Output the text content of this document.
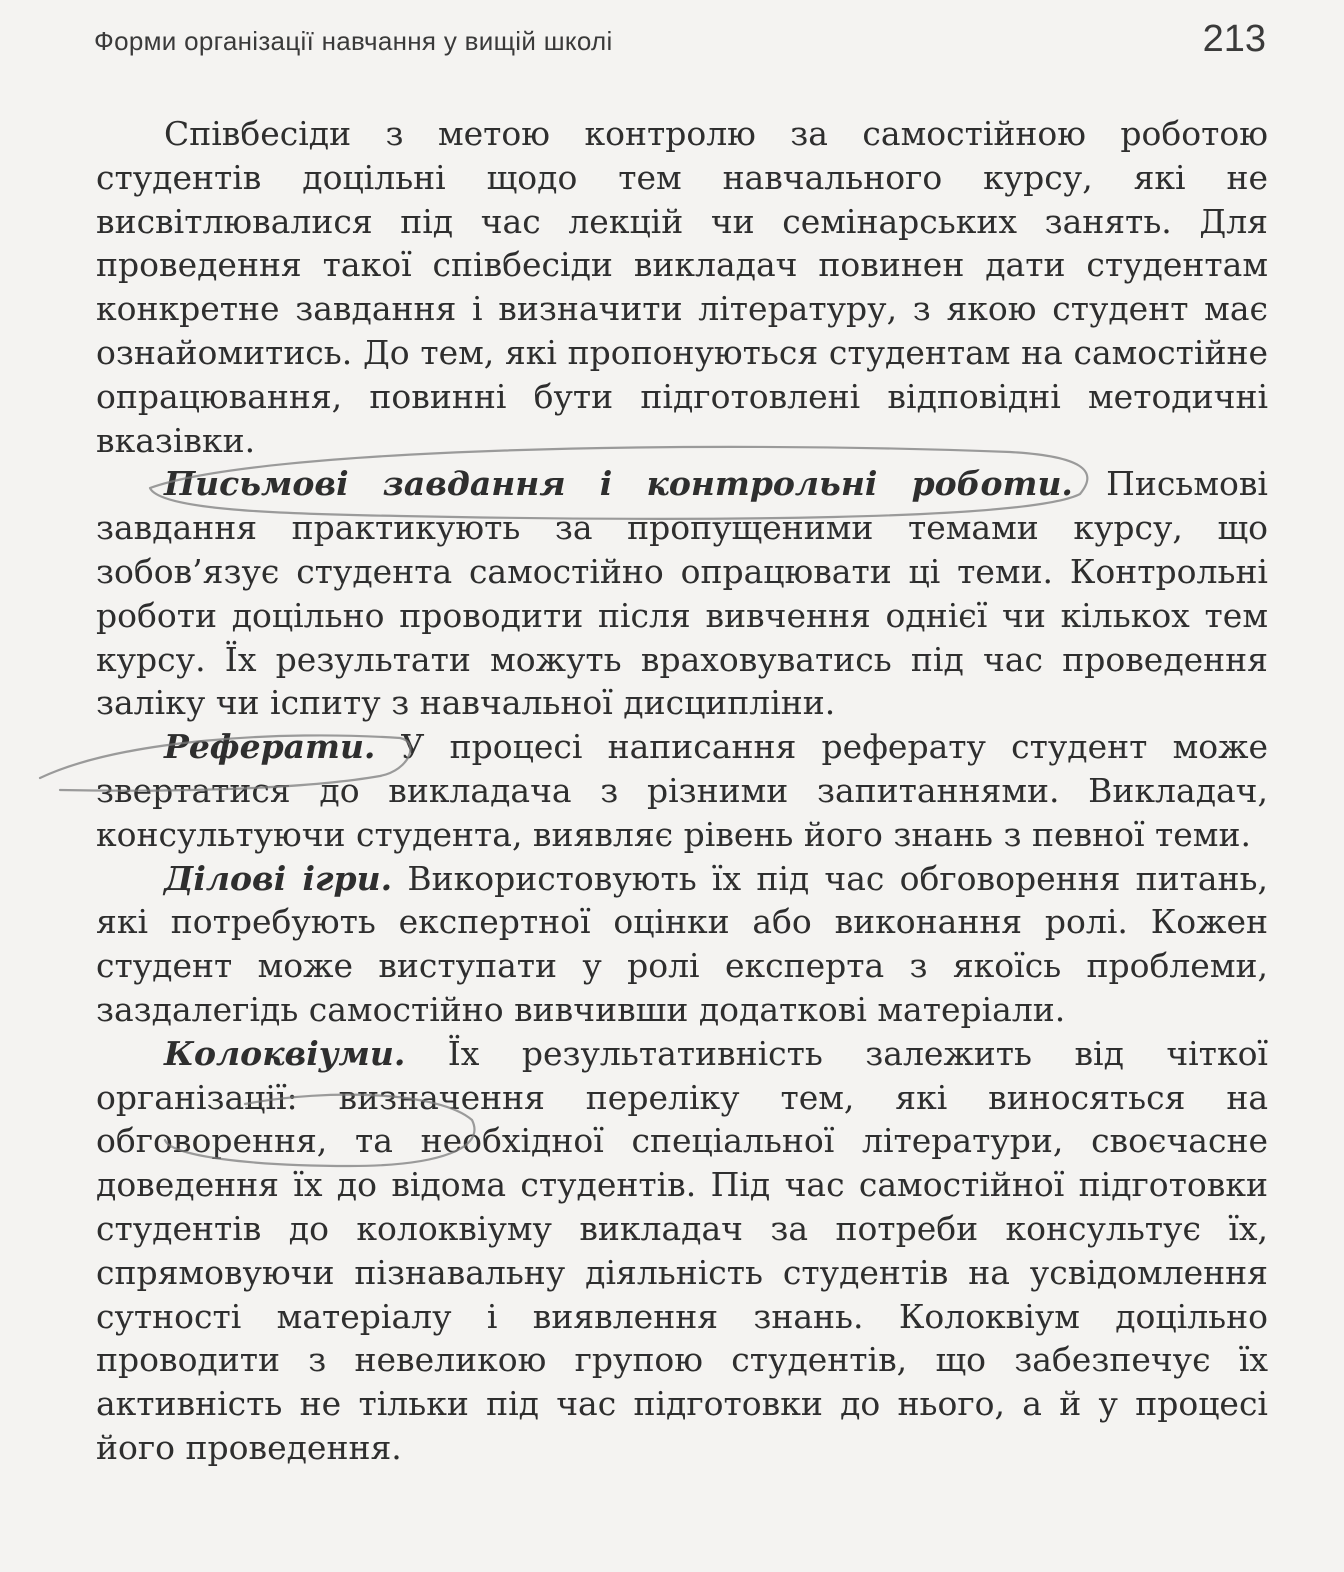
Форми організації навчання у вищій школі	213

Співбесіди з метою контролю за самостійною роботою студентів доцільні щодо тем навчального курсу, які не висвітлювалися під час лекцій чи семінарських занять. Для проведення такої співбесіди викладач повинен дати студентам конкретне завдання і визначити літературу, з якою студент має ознайомитись. До тем, які пропонуються студентам на самостійне опрацювання, повинні бути підготовлені відповідні методичні вказівки.

Письмові завдання і контрольні роботи. Письмові завдання практикують за пропущеними темами курсу, що зобов’язує студента самостійно опрацювати ці теми. Контрольні роботи доцільно проводити після вивчення однієї чи кількох тем курсу. Їх результати можуть враховуватись під час проведення заліку чи іспиту з навчальної дисципліни.

Реферати. У процесі написання реферату студент може звертатися до викладача з різними запитаннями. Викладач, консультуючи студента, виявляє рівень його знань з певної теми.

Ділові ігри. Використовують їх під час обговорення питань, які потребують експертної оцінки або виконання ролі. Кожен студент може виступати у ролі експерта з якоїсь проблеми, заздалегідь самостійно вивчивши додаткові матеріали.

Колоквіуми. Їх результативність залежить від чіткої організації: визначення переліку тем, які виносяться на обговорення, та необхідної спеціальної літератури, своєчасне доведення їх до відома студентів. Під час самостійної підготовки студентів до колоквіуму викладач за потреби консультує їх, спрямовуючи пізнавальну діяльність студентів на усвідомлення сутності матеріалу і виявлення знань. Колоквіум доцільно проводити з невеликою групою студентів, що забезпечує їх активність не тільки під час підготовки до нього, а й у процесі його проведення.
